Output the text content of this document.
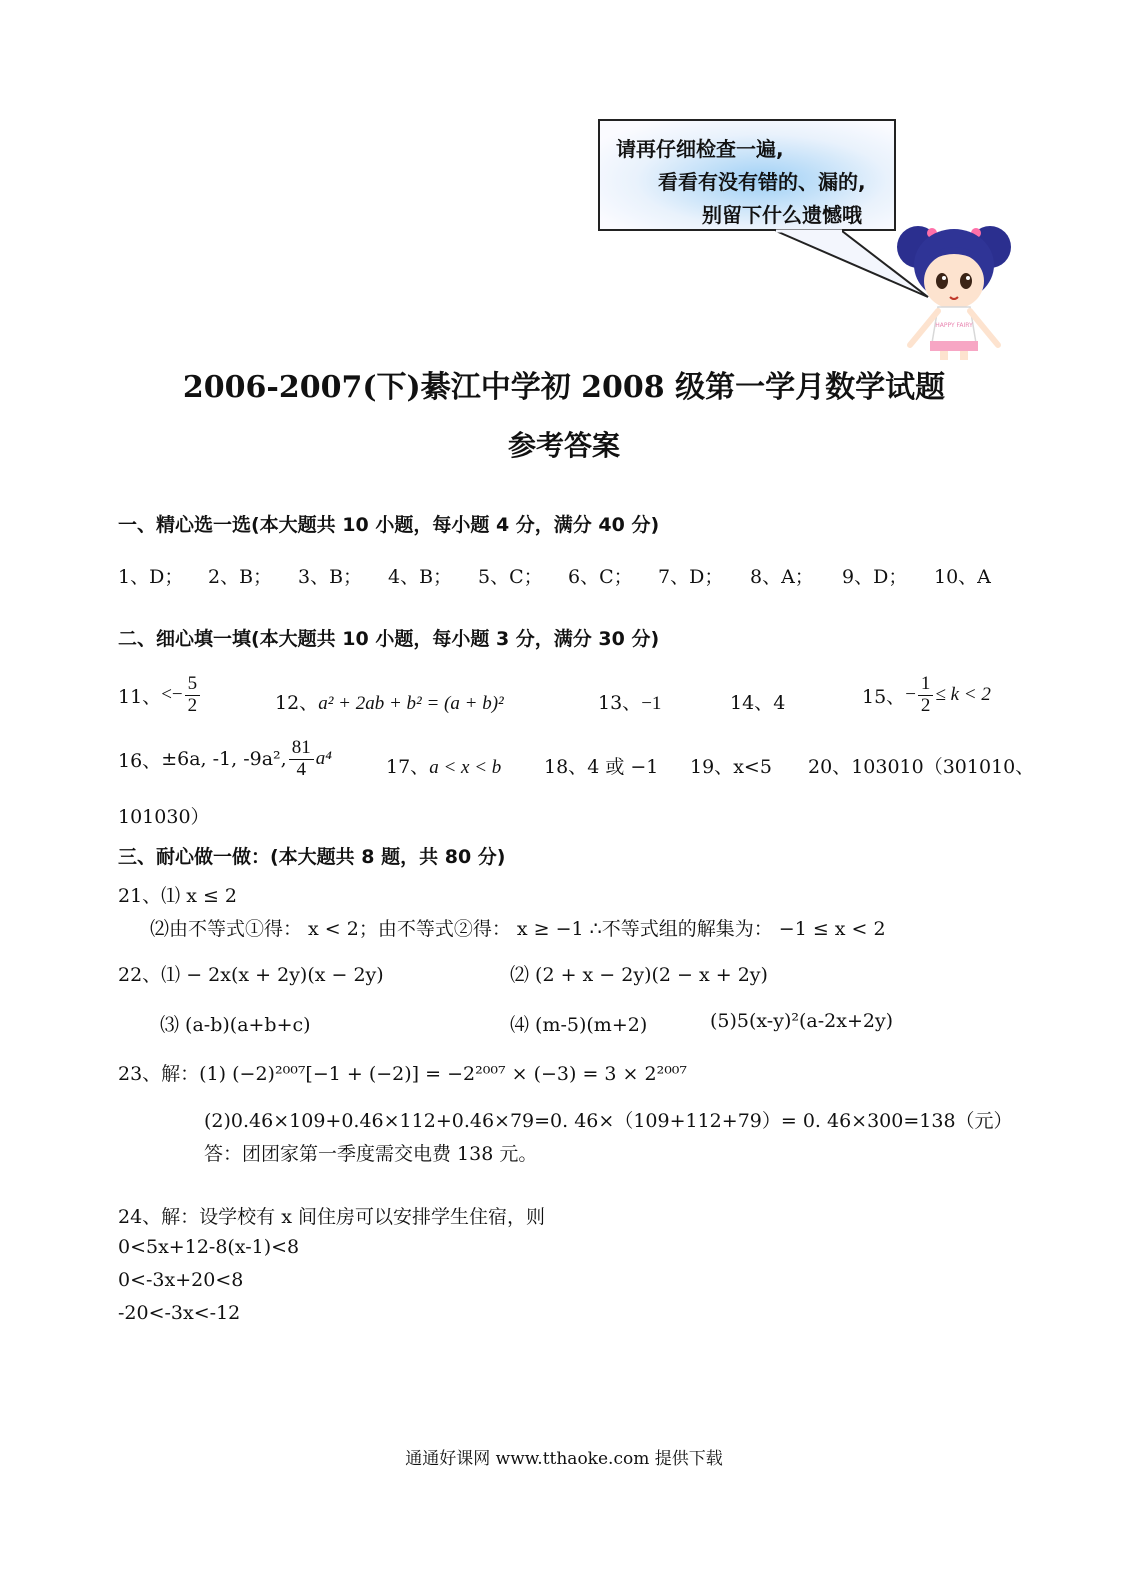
请再仔细检查一遍,
看看有没有错的、漏的,
别留下什么遗憾哦
HAPPY FAIRY
2006-2007(下)綦江中学初 2008 级第一学月数学试题
参考答案
一、精心选一选(本大题共 10 小题，每小题 4 分，满分 40 分)
1、D； 2、B； 3、B； 4、B； 5、C； 6、C； 7、D； 8、A； 9、D； 10、A
二、细心填一填(本大题共 10 小题，每小题 3 分，满分 30 分)
11、 <− $\frac{5}{2}$	12、a² + 2ab + b² = (a + b)²	13、−1	14、4	15、 − $\frac{1}{2} \le k < 2$
16、 ±6a, -1, -9a², $\frac{81}{4} a^4$	17、a < x < b 18、4 或 −1 19、x<5 20、103010（301010、
101030）
三、耐心做一做：(本大题共 8 题，共 80 分)
21、⑴ x ≤ 2
⑵由不等式①得： x < 2；由不等式②得： x ≥ −1 ∴不等式组的解集为： −1 ≤ x < 2
22、⑴ − 2x(x + 2y)(x − 2y)	⑵ (2 + x − 2y)(2 − x + 2y)
⑶ (a-b)(a+b+c)	⑷ (m-5)(m+2)	(5)5(x-y)²(a-2x+2y)
23、解：(1) (−2)²⁰⁰⁷[−1 + (−2)] = −2²⁰⁰⁷ × (−3) = 3 × 2²⁰⁰⁷
(2)0.46×109+0.46×112+0.46×79=0. 46×（109+112+79）= 0. 46×300=138（元）
答：团团家第一季度需交电费 138 元。
24、解：设学校有 x 间住房可以安排学生住宿，则
0<5x+12-8(x-1)<8
0<-3x+20<8
-20<-3x<-12
通通好课网 www.tthaoke.com 提供下载
